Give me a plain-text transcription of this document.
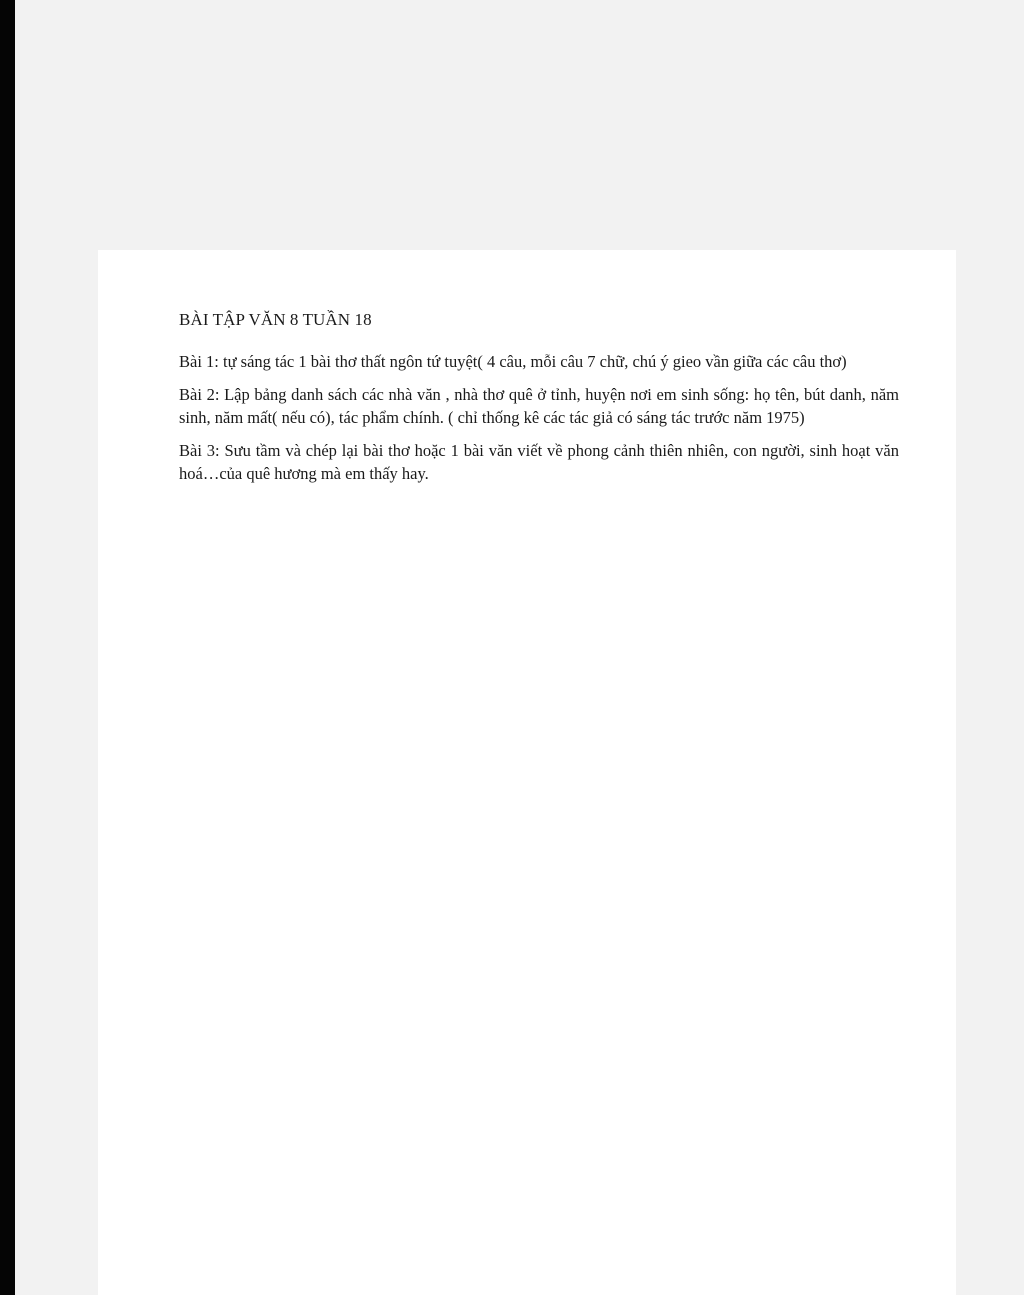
BÀI TẬP VĂN 8 TUẦN 18

Bài 1: tự sáng tác 1 bài thơ thất ngôn tứ tuyệt( 4 câu, mỗi câu 7 chữ, chú ý gieo vần giữa các câu thơ)

Bài 2: Lập bảng danh sách các nhà văn , nhà thơ quê ở tỉnh, huyện nơi em sinh sống: họ tên, bút danh, năm sinh, năm mất( nếu có), tác phẩm chính. ( chỉ thống kê các tác giả có sáng tác trước năm 1975)

Bài 3: Sưu tầm và chép lại bài thơ hoặc 1 bài văn viết về phong cảnh thiên nhiên, con người, sinh hoạt văn hoá…của quê hương mà em thấy hay.
